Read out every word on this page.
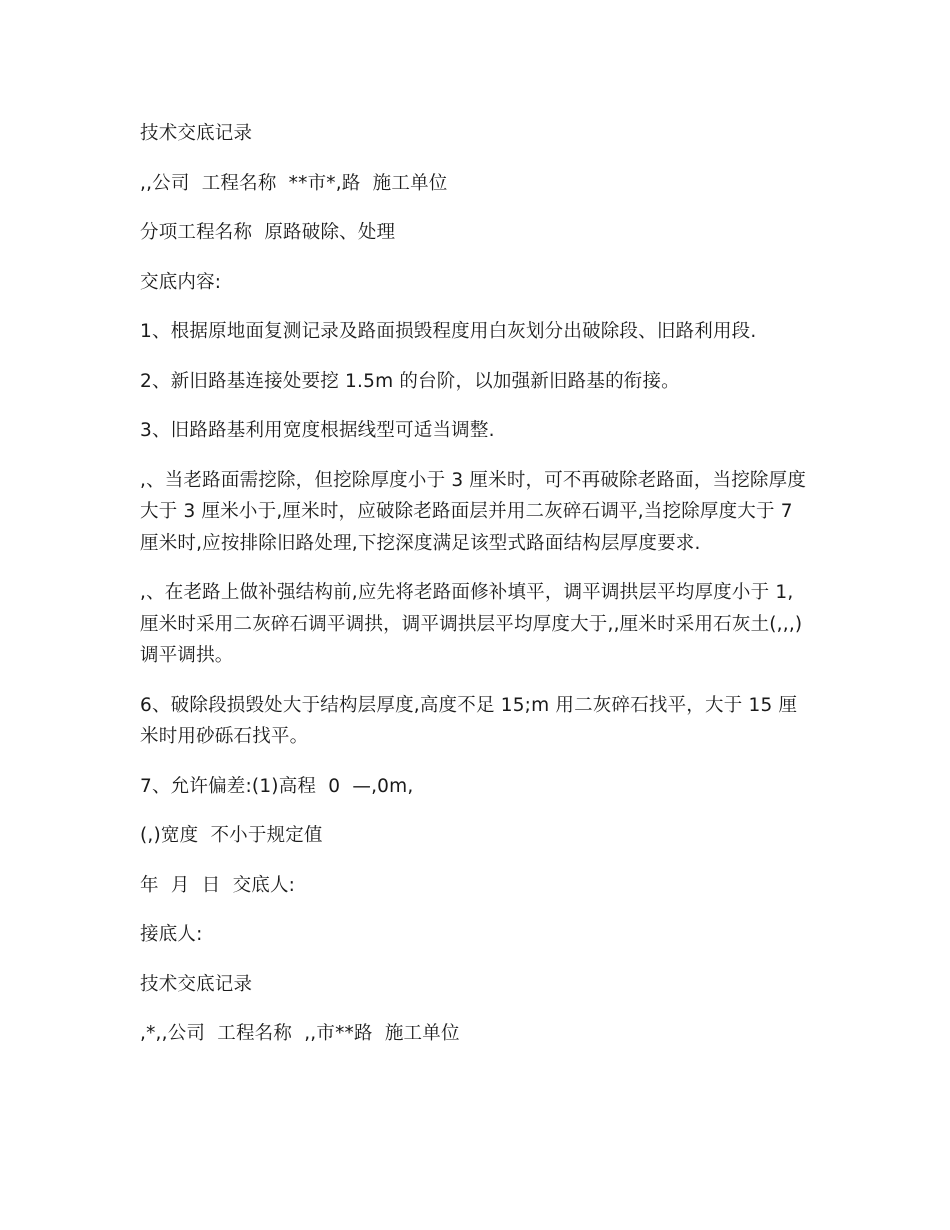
技术交底记录

,,公司  工程名称  **市*,路  施工单位

分项工程名称  原路破除、处理

交底内容:

1、根据原地面复测记录及路面损毁程度用白灰划分出破除段、旧路利用段.

2、新旧路基连接处要挖 1.5m 的台阶，以加强新旧路基的衔接。

3、旧路路基利用宽度根据线型可适当调整.

,、当老路面需挖除，但挖除厚度小于 3 厘米时，可不再破除老路面，当挖除厚度大于 3 厘米小于,厘米时，应破除老路面层并用二灰碎石调平,当挖除厚度大于 7 厘米时,应按排除旧路处理,下挖深度满足该型式路面结构层厚度要求.

,、在老路上做补强结构前,应先将老路面修补填平，调平调拱层平均厚度小于 1,厘米时采用二灰碎石调平调拱，调平调拱层平均厚度大于,,厘米时采用石灰土(,,,)调平调拱。

6、破除段损毁处大于结构层厚度,高度不足 15;m 用二灰碎石找平，大于 15 厘米时用砂砾石找平。

7、允许偏差:(1)高程  0  —,0m,

(,)宽度  不小于规定值

年  月  日  交底人:

接底人:

技术交底记录

,*,,公司  工程名称  ,,市**路  施工单位
